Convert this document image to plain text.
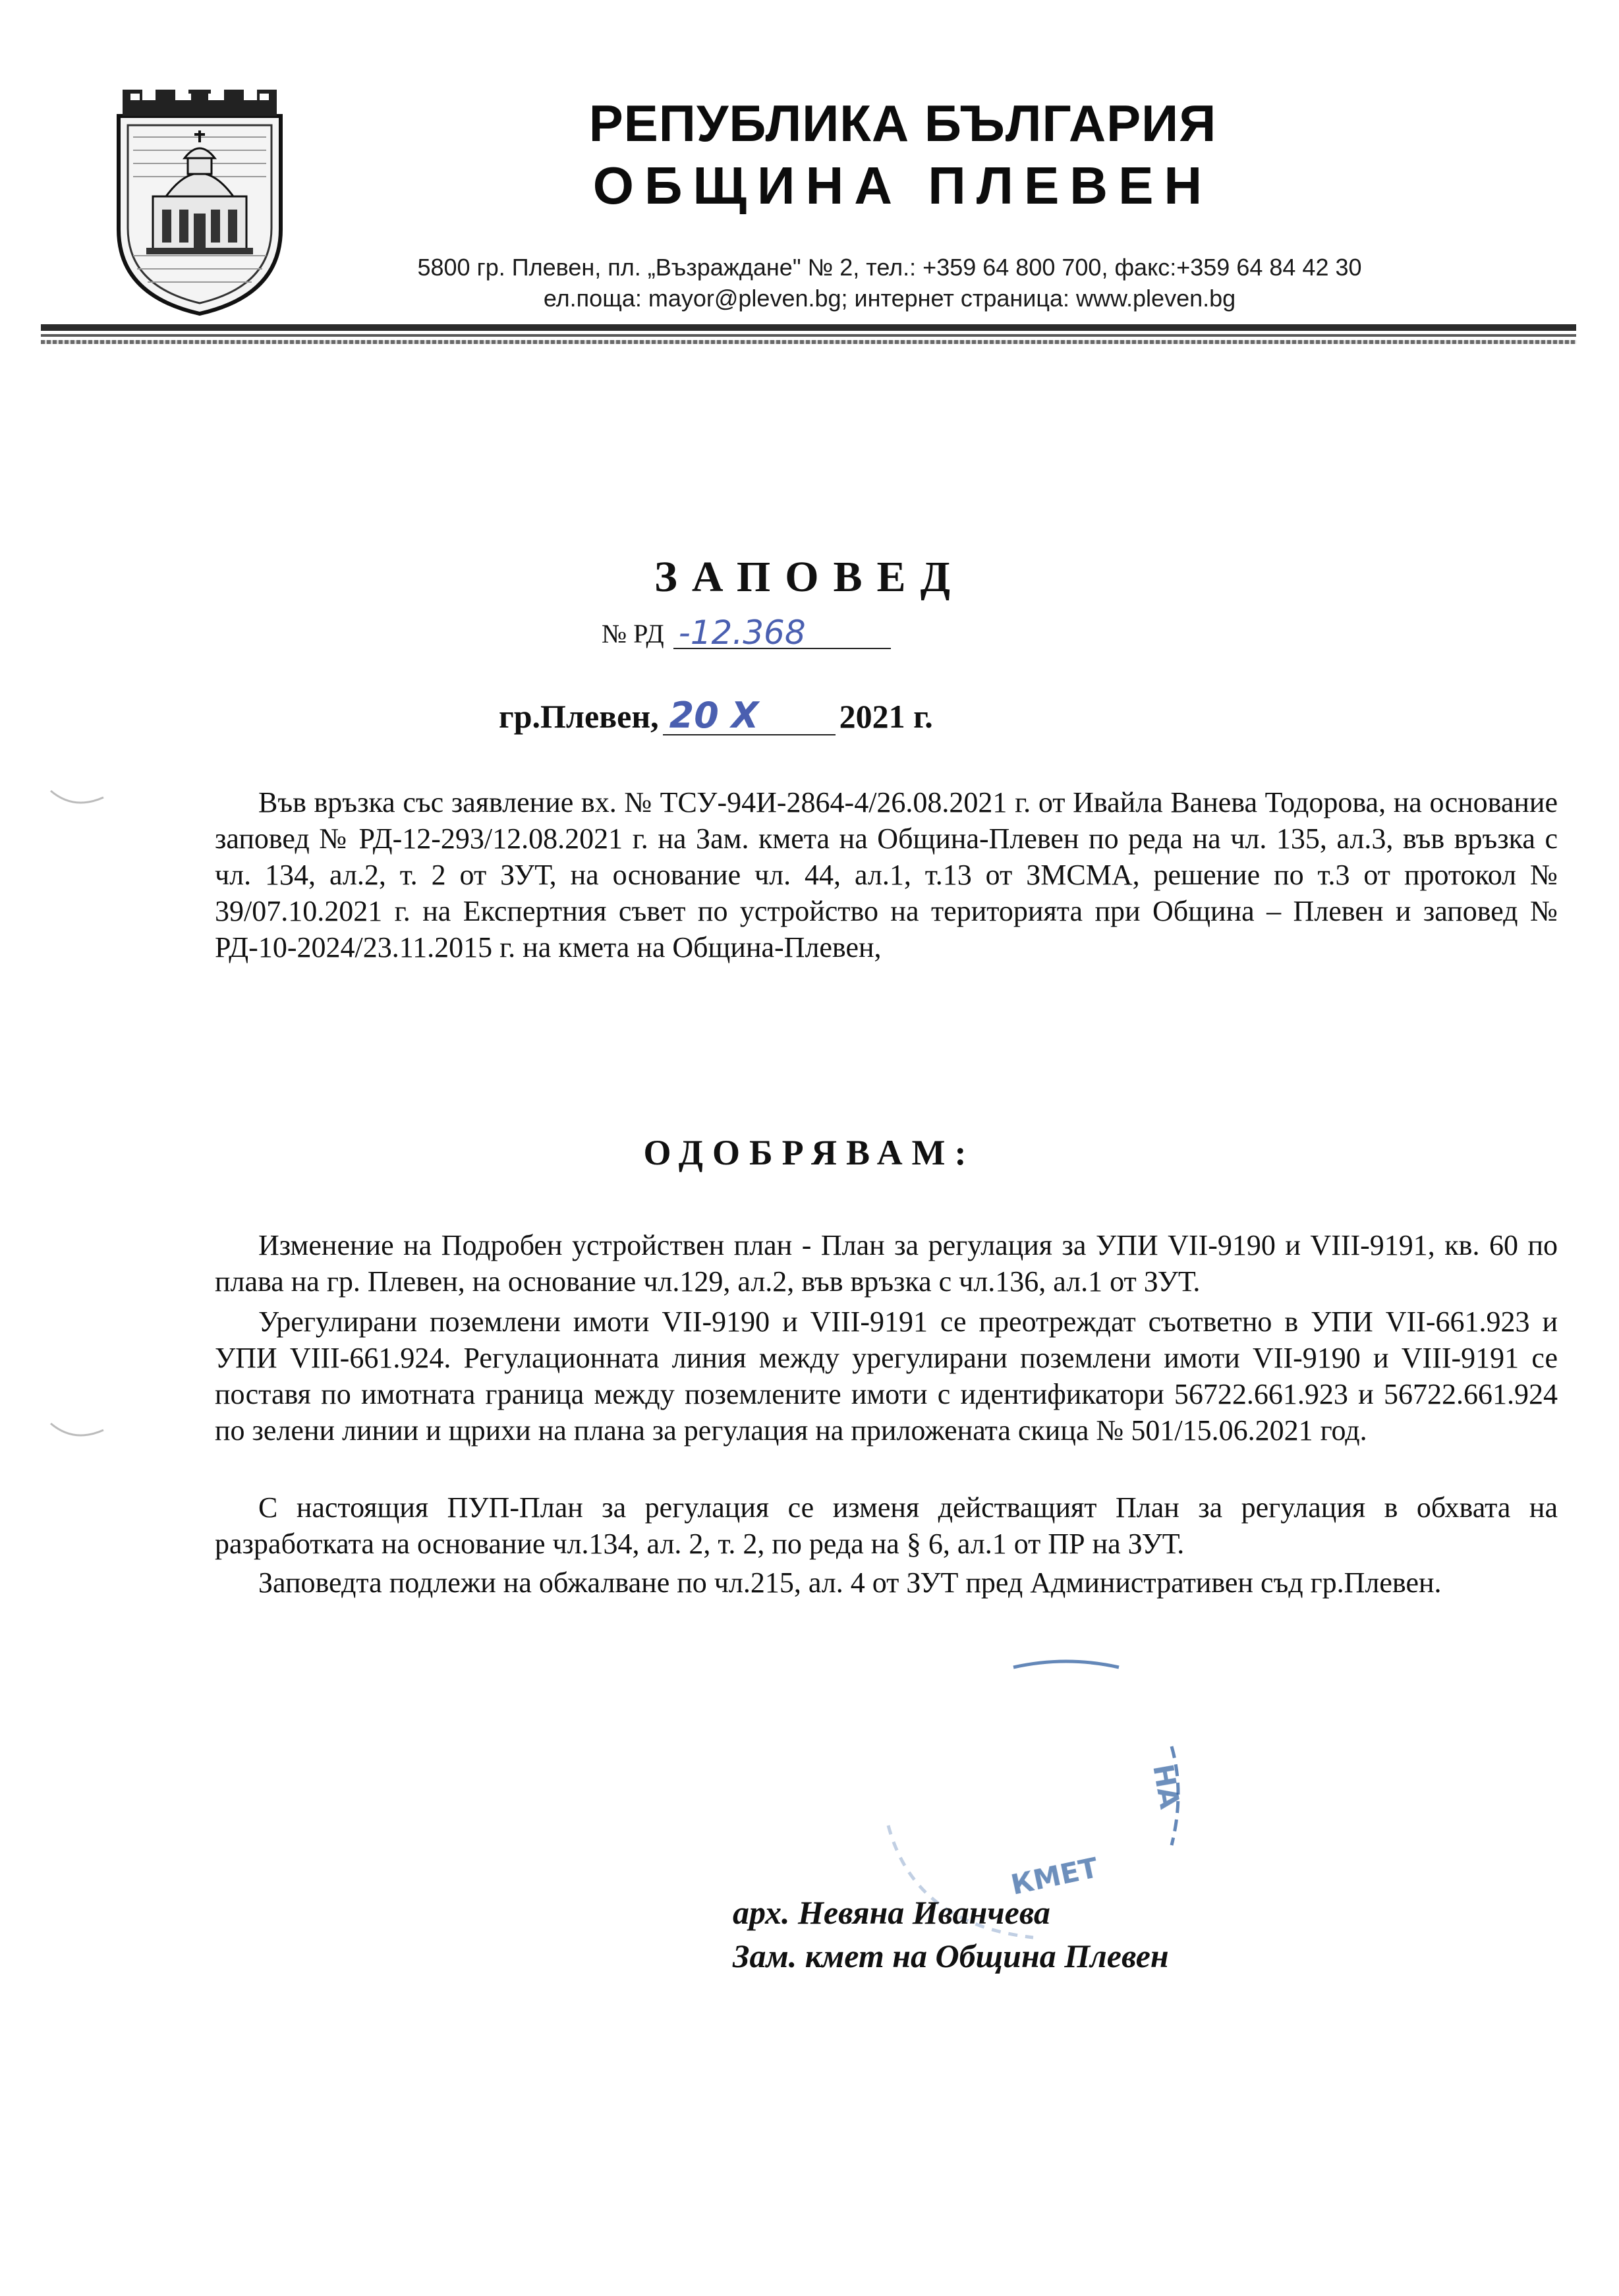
РЕПУБЛИКА БЪЛГАРИЯ
ОБЩИНА ПЛЕВЕН
5800 гр. Плевен, пл. „Възраждане" № 2, тел.: +359 64 800 700, факс:+359 64 84 42 30
ел.поща: mayor@pleven.bg; интернет страница: www.pleven.bg
ЗАПОВЕД
№ РД -12.368
гр.Плевен, 20 X 2021 г.

Във връзка със заявление вх. № ТСУ-94И-2864-4/26.08.2021 г. от Ивайла Ванева Тодорова, на основание заповед № РД-12-293/12.08.2021 г. на Зам. кмета на Община-Плевен по реда на чл. 135, ал.3, във връзка с чл. 134, ал.2, т. 2 от ЗУТ, на основание чл. 44, ал.1, т.13 от ЗМСМА, решение по т.3 от протокол № 39/07.10.2021 г. на Експертния съвет по устройство на територията при Община – Плевен и заповед № РД-10-2024/23.11.2015 г. на кмета на Община-Плевен,

ОДОБРЯВАМ:

Изменение на Подробен устройствен план - План за регулация за УПИ VII-9190 и VIII-9191, кв. 60 по плава на гр. Плевен, на основание чл.129, ал.2, във връзка с чл.136, ал.1 от ЗУТ.

Урегулирани поземлени имоти VII-9190 и VIII-9191 се преотреждат съответно в УПИ VII-661.923 и УПИ VIII-661.924. Регулационната линия между урегулирани поземлени имоти VII-9190 и VIII-9191 се поставя по имотната граница между поземлените имоти с идентификатори 56722.661.923 и 56722.661.924 по зелени линии и щрихи на плана за регулация на приложената скица № 501/15.06.2021 год.

С настоящия ПУП-План за регулация се изменя действащият План за регулация в обхвата на разработката на основание чл.134, ал. 2, т. 2, по реда на § 6, ал.1 от ПР на ЗУТ.

Заповедта подлежи на обжалване по чл.215, ал. 4 от ЗУТ пред Административен съд гр.Плевен.

НА
КМЕТ
арх. Невяна Иванчева
Зам. кмет на Община Плевен
